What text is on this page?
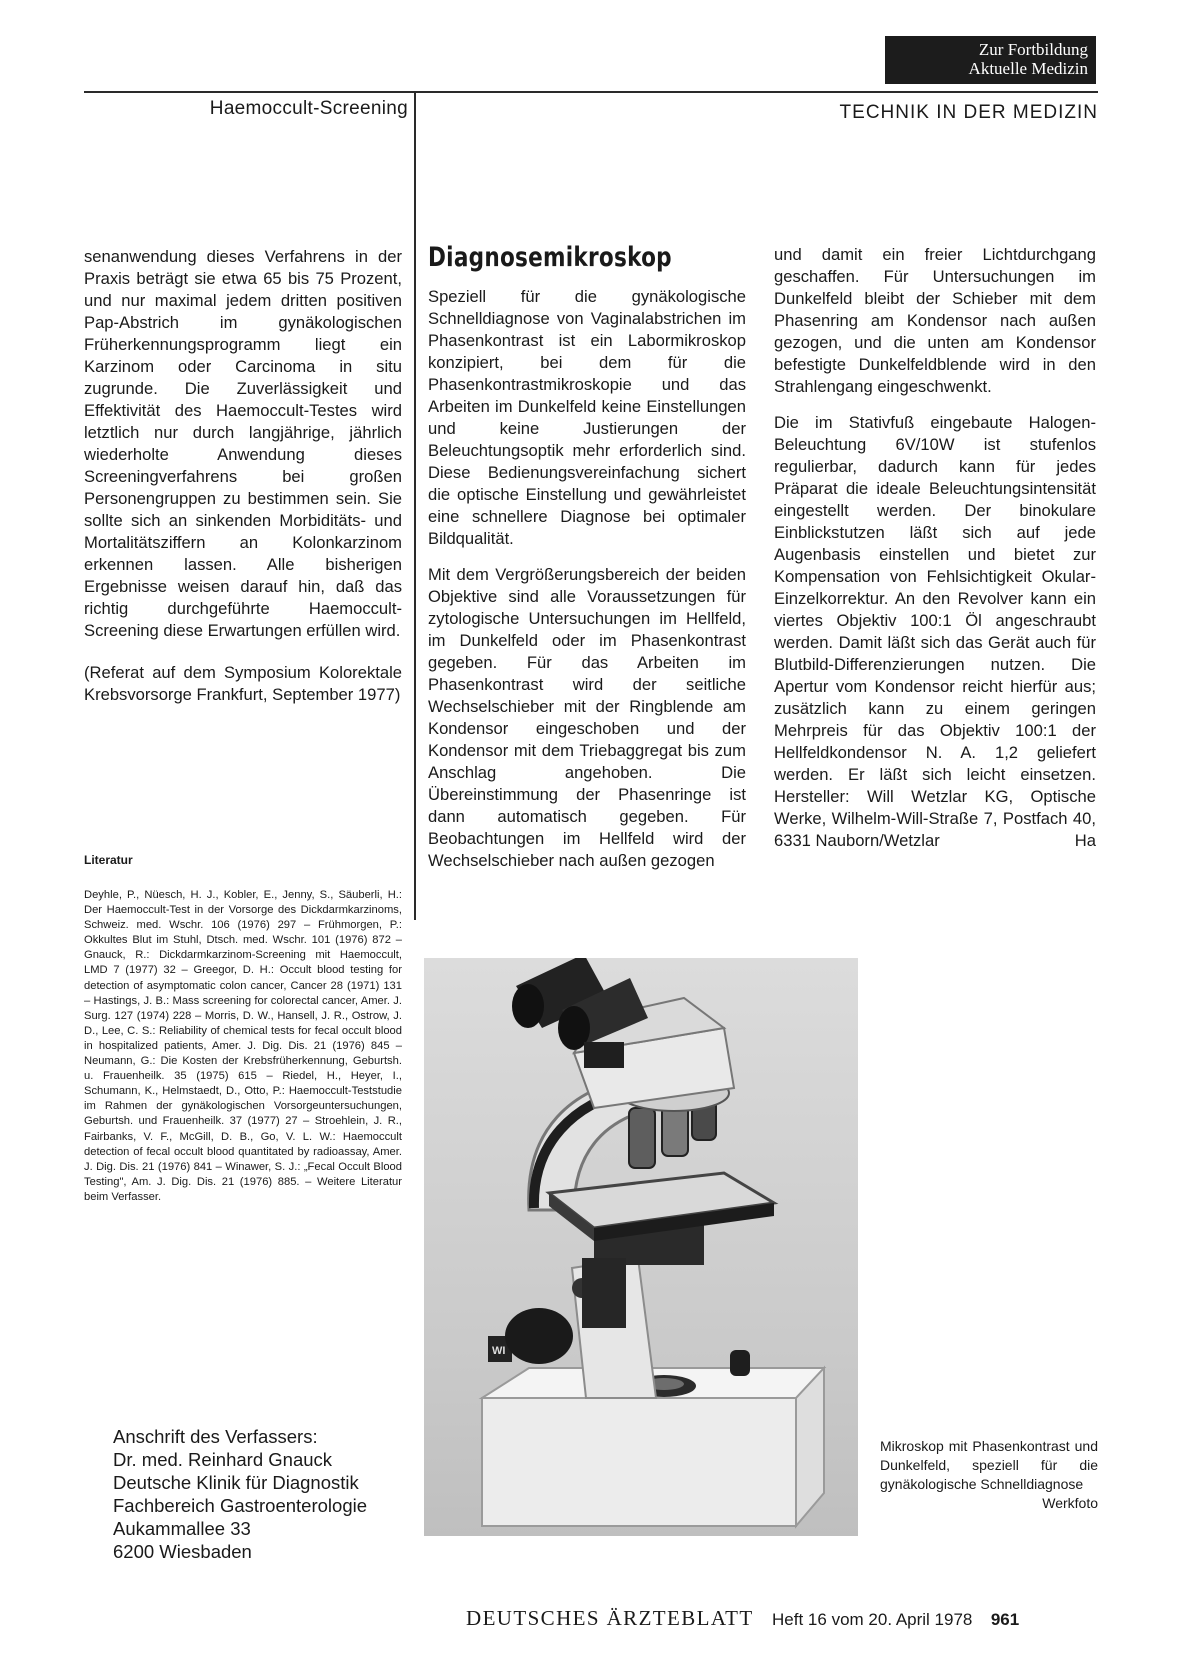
Zur Fortbildung
Aktuelle Medizin
Haemoccult-Screening	TECHNIK IN DER MEDIZIN

senanwendung dieses Verfahrens in der Praxis beträgt sie etwa 65 bis 75 Prozent, und nur maximal jedem dritten positiven Pap-Abstrich im gynäkologischen Früherkennungsprogramm liegt ein Karzinom oder Carcinoma in situ zugrunde. Die Zuverlässigkeit und Effektivität des Haemoccult-Testes wird letztlich nur durch langjährige, jährlich wiederholte Anwendung dieses Screeningverfahrens bei großen Personengruppen zu bestimmen sein. Sie sollte sich an sinkenden Morbiditäts- und Mortalitätsziffern an Kolonkarzinom erkennen lassen. Alle bisherigen Ergebnisse weisen darauf hin, daß das richtig durchgeführte Haemoccult-Screening diese Erwartungen erfüllen wird.

(Referat auf dem Symposium Kolorektale Krebsvorsorge Frankfurt, September 1977)

Literatur
Deyhle, P., Nüesch, H. J., Kobler, E., Jenny, S., Säuberli, H.: Der Haemoccult-Test in der Vorsorge des Dickdarmkarzinoms, Schweiz. med. Wschr. 106 (1976) 297 – Frühmorgen, P.: Okkultes Blut im Stuhl, Dtsch. med. Wschr. 101 (1976) 872 – Gnauck, R.: Dickdarmkarzinom-Screening mit Haemoccult, LMD 7 (1977) 32 – Greegor, D. H.: Occult blood testing for detection of asymptomatic colon cancer, Cancer 28 (1971) 131 – Hastings, J. B.: Mass screening for colorectal cancer, Amer. J. Surg. 127 (1974) 228 – Morris, D. W., Hansell, J. R., Ostrow, J. D., Lee, C. S.: Reliability of chemical tests for fecal occult blood in hospitalized patients, Amer. J. Dig. Dis. 21 (1976) 845 – Neumann, G.: Die Kosten der Krebsfrüherkennung, Geburtsh. u. Frauenheilk. 35 (1975) 615 – Riedel, H., Heyer, I., Schumann, K., Helmstaedt, D., Otto, P.: Haemoccult-Teststudie im Rahmen der gynäkologischen Vorsorgeuntersuchungen, Geburtsh. und Frauenheilk. 37 (1977) 27 – Stroehlein, J. R., Fairbanks, V. F., McGill, D. B., Go, V. L. W.: Haemoccult detection of fecal occult blood quantitated by radioassay, Amer. J. Dig. Dis. 21 (1976) 841 – Winawer, S. J.: „Fecal Occult Blood Testing", Am. J. Dig. Dis. 21 (1976) 885. – Weitere Literatur beim Verfasser.
Diagnosemikroskop

Speziell für die gynäkologische Schnelldiagnose von Vaginalabstrichen im Phasenkontrast ist ein Labormikroskop konzipiert, bei dem für die Phasenkontrastmikroskopie und das Arbeiten im Dunkelfeld keine Einstellungen und keine Justierungen der Beleuchtungsoptik mehr erforderlich sind. Diese Bedienungsvereinfachung sichert die optische Einstellung und gewährleistet eine schnellere Diagnose bei optimaler Bildqualität.

Mit dem Vergrößerungsbereich der beiden Objektive sind alle Voraussetzungen für zytologische Untersuchungen im Hellfeld, im Dunkelfeld oder im Phasenkontrast gegeben. Für das Arbeiten im Phasenkontrast wird der seitliche Wechselschieber mit der Ringblende am Kondensor eingeschoben und der Kondensor mit dem Triebaggregat bis zum Anschlag angehoben. Die Übereinstimmung der Phasenringe ist dann automatisch gegeben. Für Beobachtungen im Hellfeld wird der Wechselschieber nach außen gezogen

und damit ein freier Lichtdurchgang geschaffen. Für Untersuchungen im Dunkelfeld bleibt der Schieber mit dem Phasenring am Kondensor nach außen gezogen, und die unten am Kondensor befestigte Dunkelfeldblende wird in den Strahlengang eingeschwenkt.

Die im Stativfuß eingebaute Halogen-Beleuchtung 6V/10W ist stufenlos regulierbar, dadurch kann für jedes Präparat die ideale Beleuchtungsintensität eingestellt werden. Der binokulare Einblickstutzen läßt sich auf jede Augenbasis einstellen und bietet zur Kompensation von Fehlsichtigkeit Okular-Einzelkorrektur. An den Revolver kann ein viertes Objektiv 100:1 Öl angeschraubt werden. Damit läßt sich das Gerät auch für Blutbild-Differenzierungen nutzen. Die Apertur vom Kondensor reicht hierfür aus; zusätzlich kann zu einem geringen Mehrpreis für das Objektiv 100:1 der Hellfeldkondensor N. A. 1,2 geliefert werden. Er läßt sich leicht einsetzen. Hersteller: Will Wetzlar KG, Optische Werke, Wilhelm-Will-Straße 7, Postfach 40, 6331 Nauborn/Wetzlar	Ha

WI
Mikroskop mit Phasenkontrast und Dunkelfeld, speziell für die gynäkologische Schnelldiagnose
Werkfoto
Anschrift des Verfassers:
Dr. med. Reinhard Gnauck
Deutsche Klinik für Diagnostik
Fachbereich Gastroenterologie
Aukammallee 33
6200 Wiesbaden
DEUTSCHES ÄRZTEBLATT Heft 16 vom 20. April 1978 961
